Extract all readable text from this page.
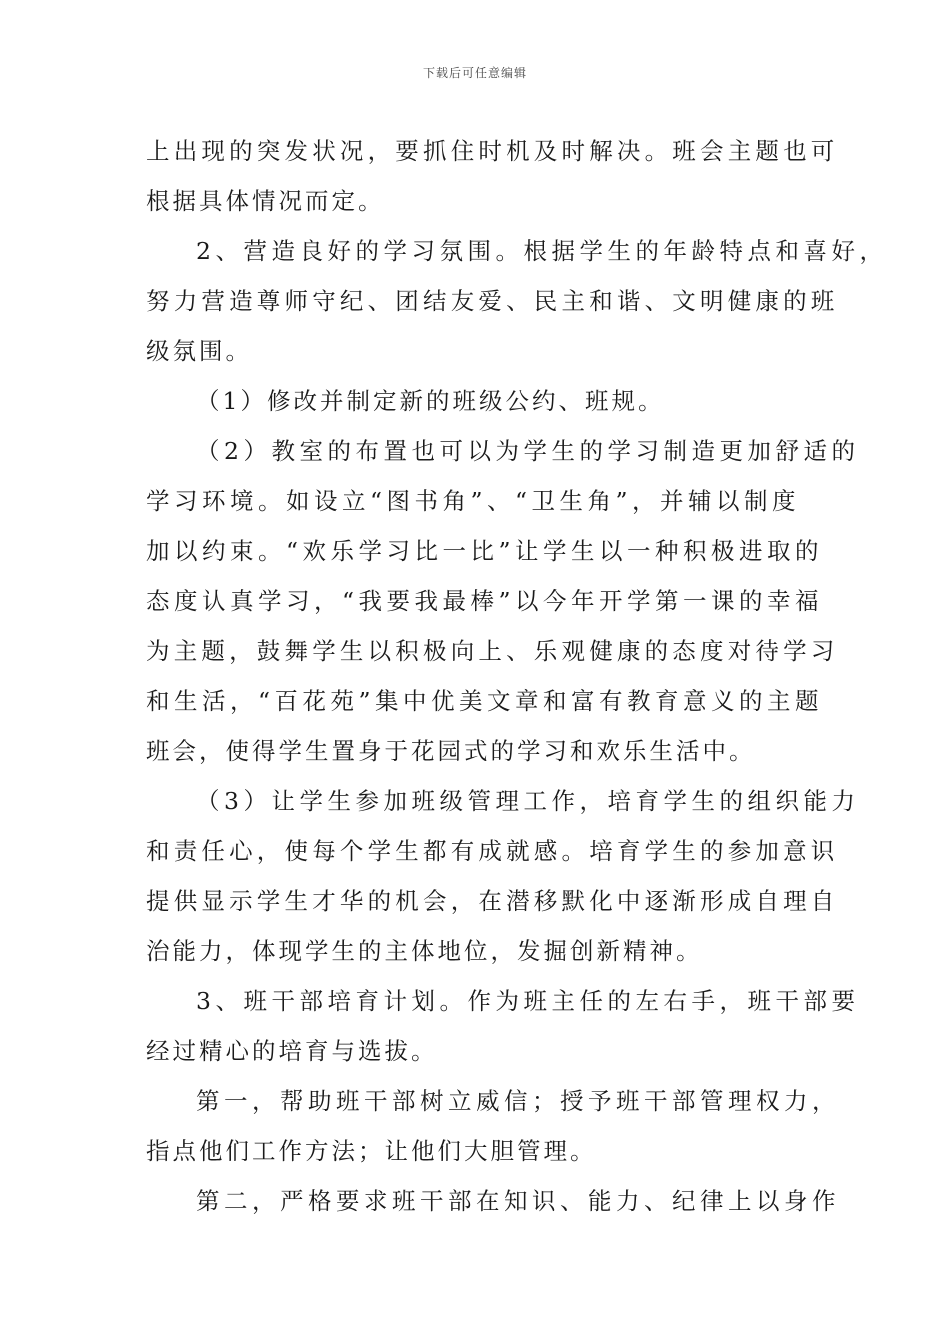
下载后可任意编辑
上出现的突发状况，要抓住时机及时解决。班会主题也可
根据具体情况而定。
2、营造良好的学习氛围。根据学生的年龄特点和喜好，
努力营造尊师守纪、团结友爱、民主和谐、文明健康的班
级氛围。
（1）修改并制定新的班级公约、班规。
（2）教室的布置也可以为学生的学习制造更加舒适的
学习环境。如设立“图书角”、“卫生角”，并辅以制度
加以约束。“欢乐学习比一比”让学生以一种积极进取的
态度认真学习，“我要我最棒”以今年开学第一课的幸福
为主题，鼓舞学生以积极向上、乐观健康的态度对待学习
和生活，“百花苑”集中优美文章和富有教育意义的主题
班会，使得学生置身于花园式的学习和欢乐生活中。
（3）让学生参加班级管理工作，培育学生的组织能力
和责任心，使每个学生都有成就感。培育学生的参加意识
提供显示学生才华的机会，在潜移默化中逐渐形成自理自
治能力，体现学生的主体地位，发掘创新精神。
3、班干部培育计划。作为班主任的左右手，班干部要
经过精心的培育与选拔。
第一，帮助班干部树立威信；授予班干部管理权力，
指点他们工作方法；让他们大胆管理。
第二，严格要求班干部在知识、能力、纪律上以身作
